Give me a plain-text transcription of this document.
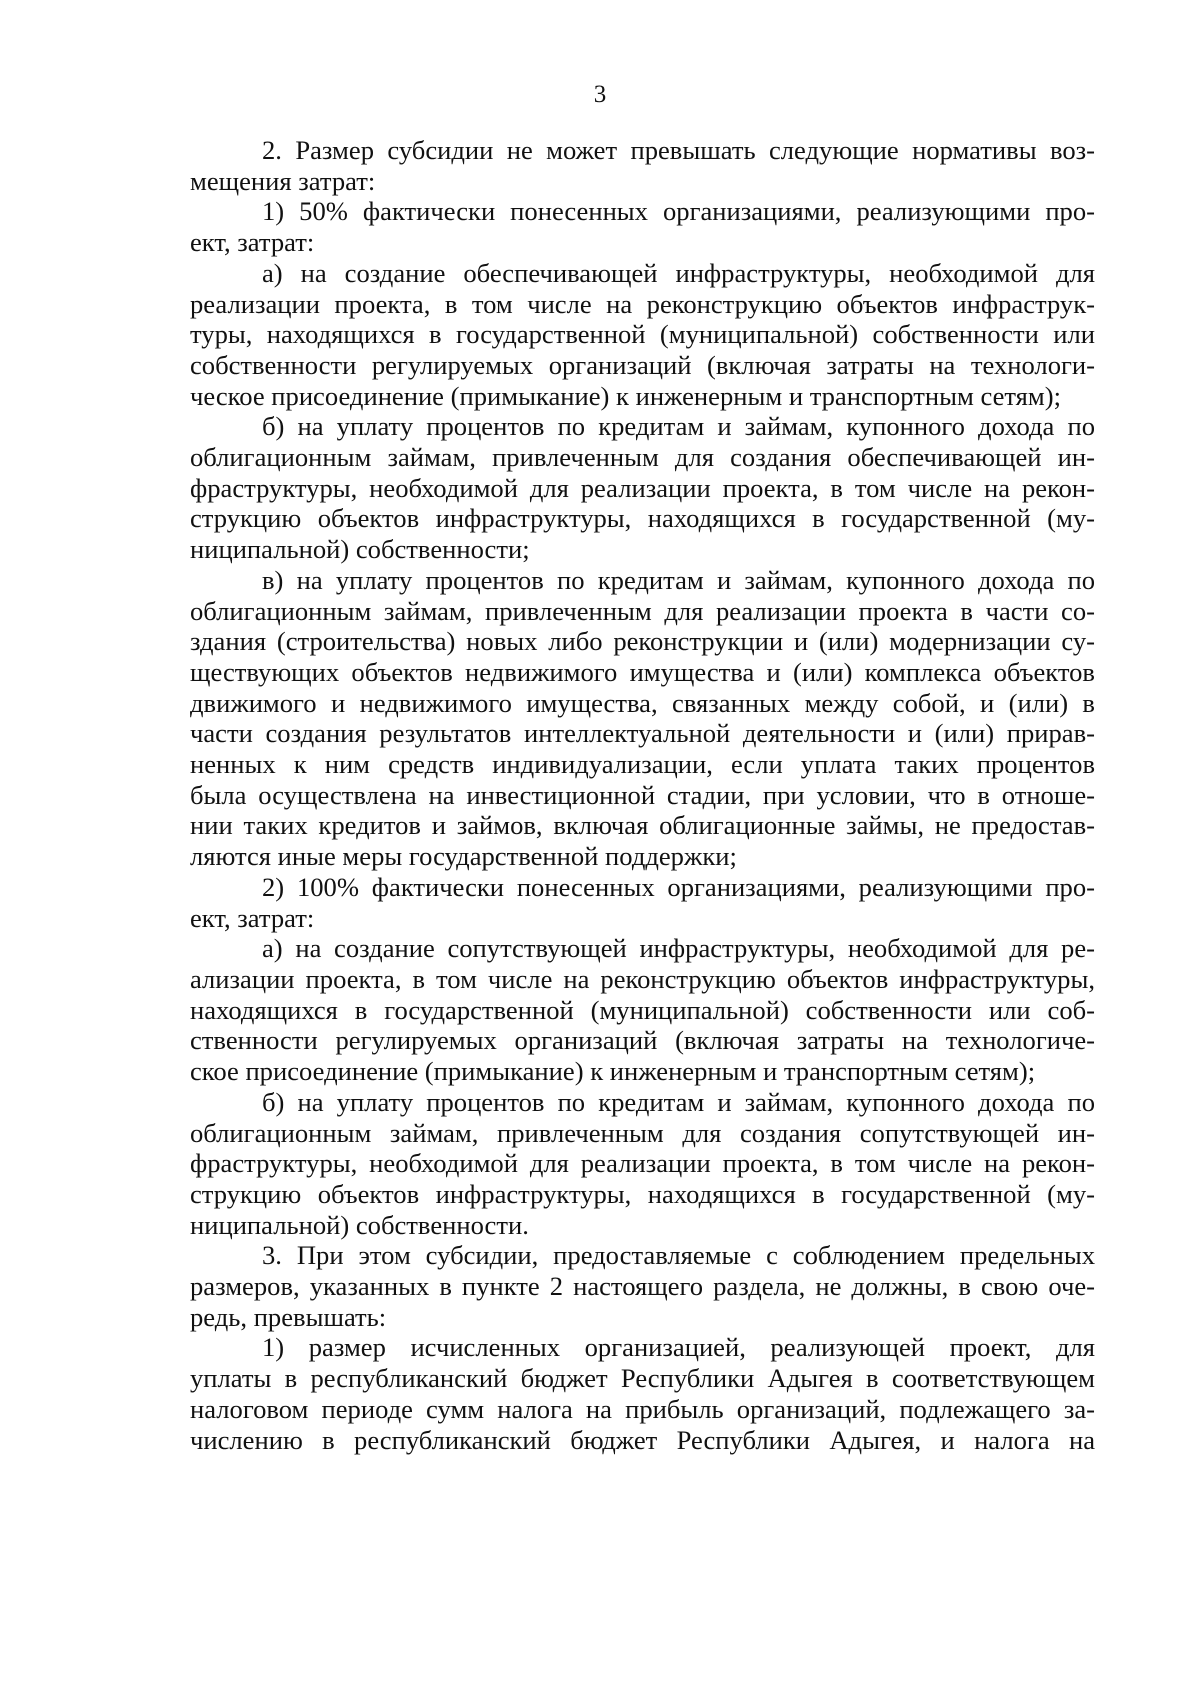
3
2. Размер субсидии не может превышать следующие нормативы воз-
мещения затрат:
1) 50% фактически понесенных организациями, реализующими про-
ект, затрат:
а) на создание обеспечивающей инфраструктуры, необходимой для
реализации проекта, в том числе на реконструкцию объектов инфраструк-
туры, находящихся в государственной (муниципальной) собственности или
собственности регулируемых организаций (включая затраты на технологи-
ческое присоединение (примыкание) к инженерным и транспортным сетям);
б) на уплату процентов по кредитам и займам, купонного дохода по
облигационным займам, привлеченным для создания обеспечивающей ин-
фраструктуры, необходимой для реализации проекта, в том числе на рекон-
струкцию объектов инфраструктуры, находящихся в государственной (му-
ниципальной) собственности;
в) на уплату процентов по кредитам и займам, купонного дохода по
облигационным займам, привлеченным для реализации проекта в части со-
здания (строительства) новых либо реконструкции и (или) модернизации су-
ществующих объектов недвижимого имущества и (или) комплекса объектов
движимого и недвижимого имущества, связанных между собой, и (или) в
части создания результатов интеллектуальной деятельности и (или) прирав-
ненных к ним средств индивидуализации, если уплата таких процентов
была осуществлена на инвестиционной стадии, при условии, что в отноше-
нии таких кредитов и займов, включая облигационные займы, не предостав-
ляются иные меры государственной поддержки;
2) 100% фактически понесенных организациями, реализующими про-
ект, затрат:
а) на создание сопутствующей инфраструктуры, необходимой для ре-
ализации проекта, в том числе на реконструкцию объектов инфраструктуры,
находящихся в государственной (муниципальной) собственности или соб-
ственности регулируемых организаций (включая затраты на технологиче-
ское присоединение (примыкание) к инженерным и транспортным сетям);
б) на уплату процентов по кредитам и займам, купонного дохода по
облигационным займам, привлеченным для создания сопутствующей ин-
фраструктуры, необходимой для реализации проекта, в том числе на рекон-
струкцию объектов инфраструктуры, находящихся в государственной (му-
ниципальной) собственности.
3. При этом субсидии, предоставляемые с соблюдением предельных
размеров, указанных в пункте 2 настоящего раздела, не должны, в свою оче-
редь, превышать:
1) размер исчисленных организацией, реализующей проект, для
уплаты в республиканский бюджет Республики Адыгея в соответствующем
налоговом периоде сумм налога на прибыль организаций, подлежащего за-
числению в республиканский бюджет Республики Адыгея, и налога на
